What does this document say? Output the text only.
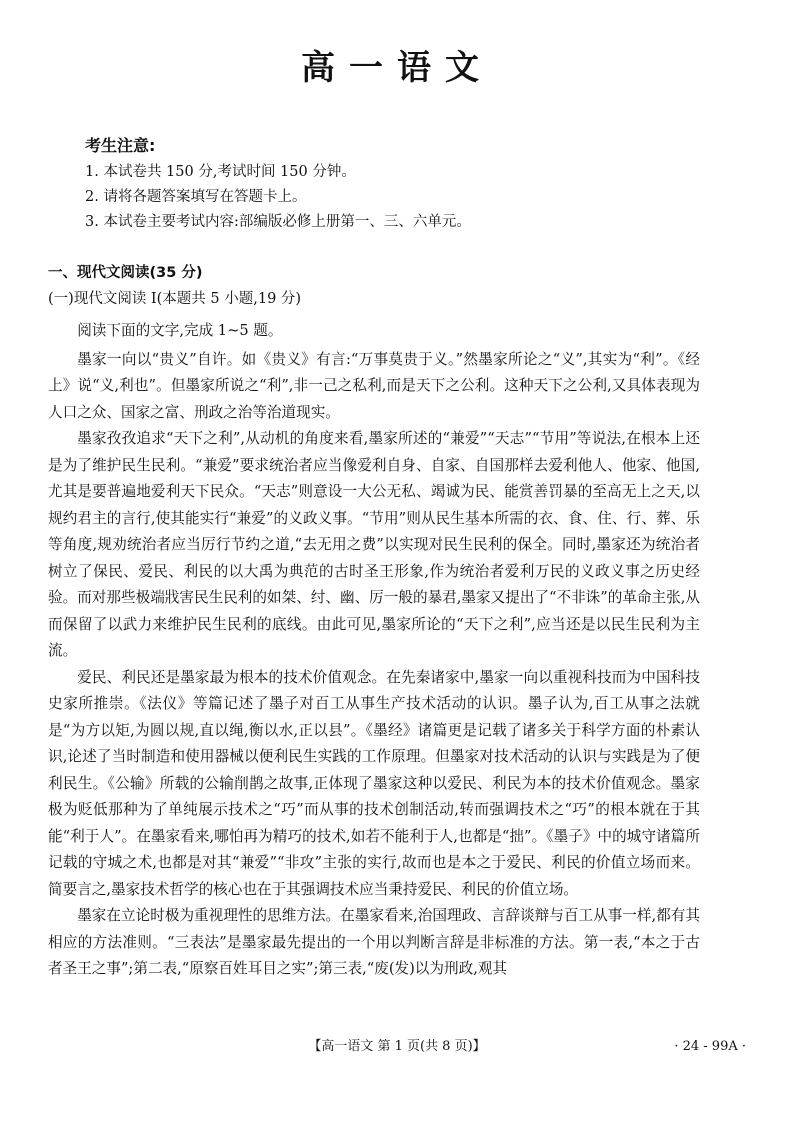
高一语文
考生注意:
1. 本试卷共 150 分,考试时间 150 分钟。
2. 请将各题答案填写在答题卡上。
3. 本试卷主要考试内容:部编版必修上册第一、三、六单元。
一、现代文阅读(35 分)
(一)现代文阅读 I(本题共 5 小题,19 分)

阅读下面的文字,完成 1~5 题。

墨家一向以“贵义”自许。如《贵义》有言:“万事莫贵于义。”然墨家所论之“义”,其实为“利”。《经上》说“义,利也”。但墨家所说之“利”,非一己之私利,而是天下之公利。这种天下之公利,又具体表现为人口之众、国家之富、刑政之治等治道现实。

墨家孜孜追求“天下之利”,从动机的角度来看,墨家所述的“兼爱”“天志”“节用”等说法,在根本上还是为了维护民生民利。“兼爱”要求统治者应当像爱利自身、自家、自国那样去爱利他人、他家、他国,尤其是要普遍地爱利天下民众。“天志”则意设一大公无私、竭诚为民、能赏善罚暴的至高无上之天,以规约君主的言行,使其能实行“兼爱”的义政义事。“节用”则从民生基本所需的衣、食、住、行、葬、乐等角度,规劝统治者应当厉行节约之道,“去无用之费”以实现对民生民利的保全。同时,墨家还为统治者树立了保民、爱民、利民的以大禹为典范的古时圣王形象,作为统治者爱利万民的义政义事之历史经验。而对那些极端戕害民生民利的如桀、纣、幽、厉一般的暴君,墨家又提出了“不非诛”的革命主张,从而保留了以武力来维护民生民利的底线。由此可见,墨家所论的“天下之利”,应当还是以民生民利为主流。

爱民、利民还是墨家最为根本的技术价值观念。在先秦诸家中,墨家一向以重视科技而为中国科技史家所推崇。《法仪》等篇记述了墨子对百工从事生产技术活动的认识。墨子认为,百工从事之法就是“为方以矩,为圆以规,直以绳,衡以水,正以县”。《墨经》诸篇更是记载了诸多关于科学方面的朴素认识,论述了当时制造和使用器械以便利民生实践的工作原理。但墨家对技术活动的认识与实践是为了便利民生。《公输》所载的公输削鹊之故事,正体现了墨家这种以爱民、利民为本的技术价值观念。墨家极为贬低那种为了单纯展示技术之“巧”而从事的技术创制活动,转而强调技术之“巧”的根本就在于其能“利于人”。在墨家看来,哪怕再为精巧的技术,如若不能利于人,也都是“拙”。《墨子》中的城守诸篇所记载的守城之术,也都是对其“兼爱”“非攻”主张的实行,故而也是本之于爱民、利民的价值立场而来。简要言之,墨家技术哲学的核心也在于其强调技术应当秉持爱民、利民的价值立场。

墨家在立论时极为重视理性的思维方法。在墨家看来,治国理政、言辞谈辩与百工从事一样,都有其相应的方法准则。“三表法”是墨家最先提出的一个用以判断言辞是非标准的方法。第一表,“本之于古者圣王之事”;第二表,“原察百姓耳目之实”;第三表,“废(发)以为刑政,观其

【高一语文 第 1 页(共 8 页)】	· 24 - 99A ·
